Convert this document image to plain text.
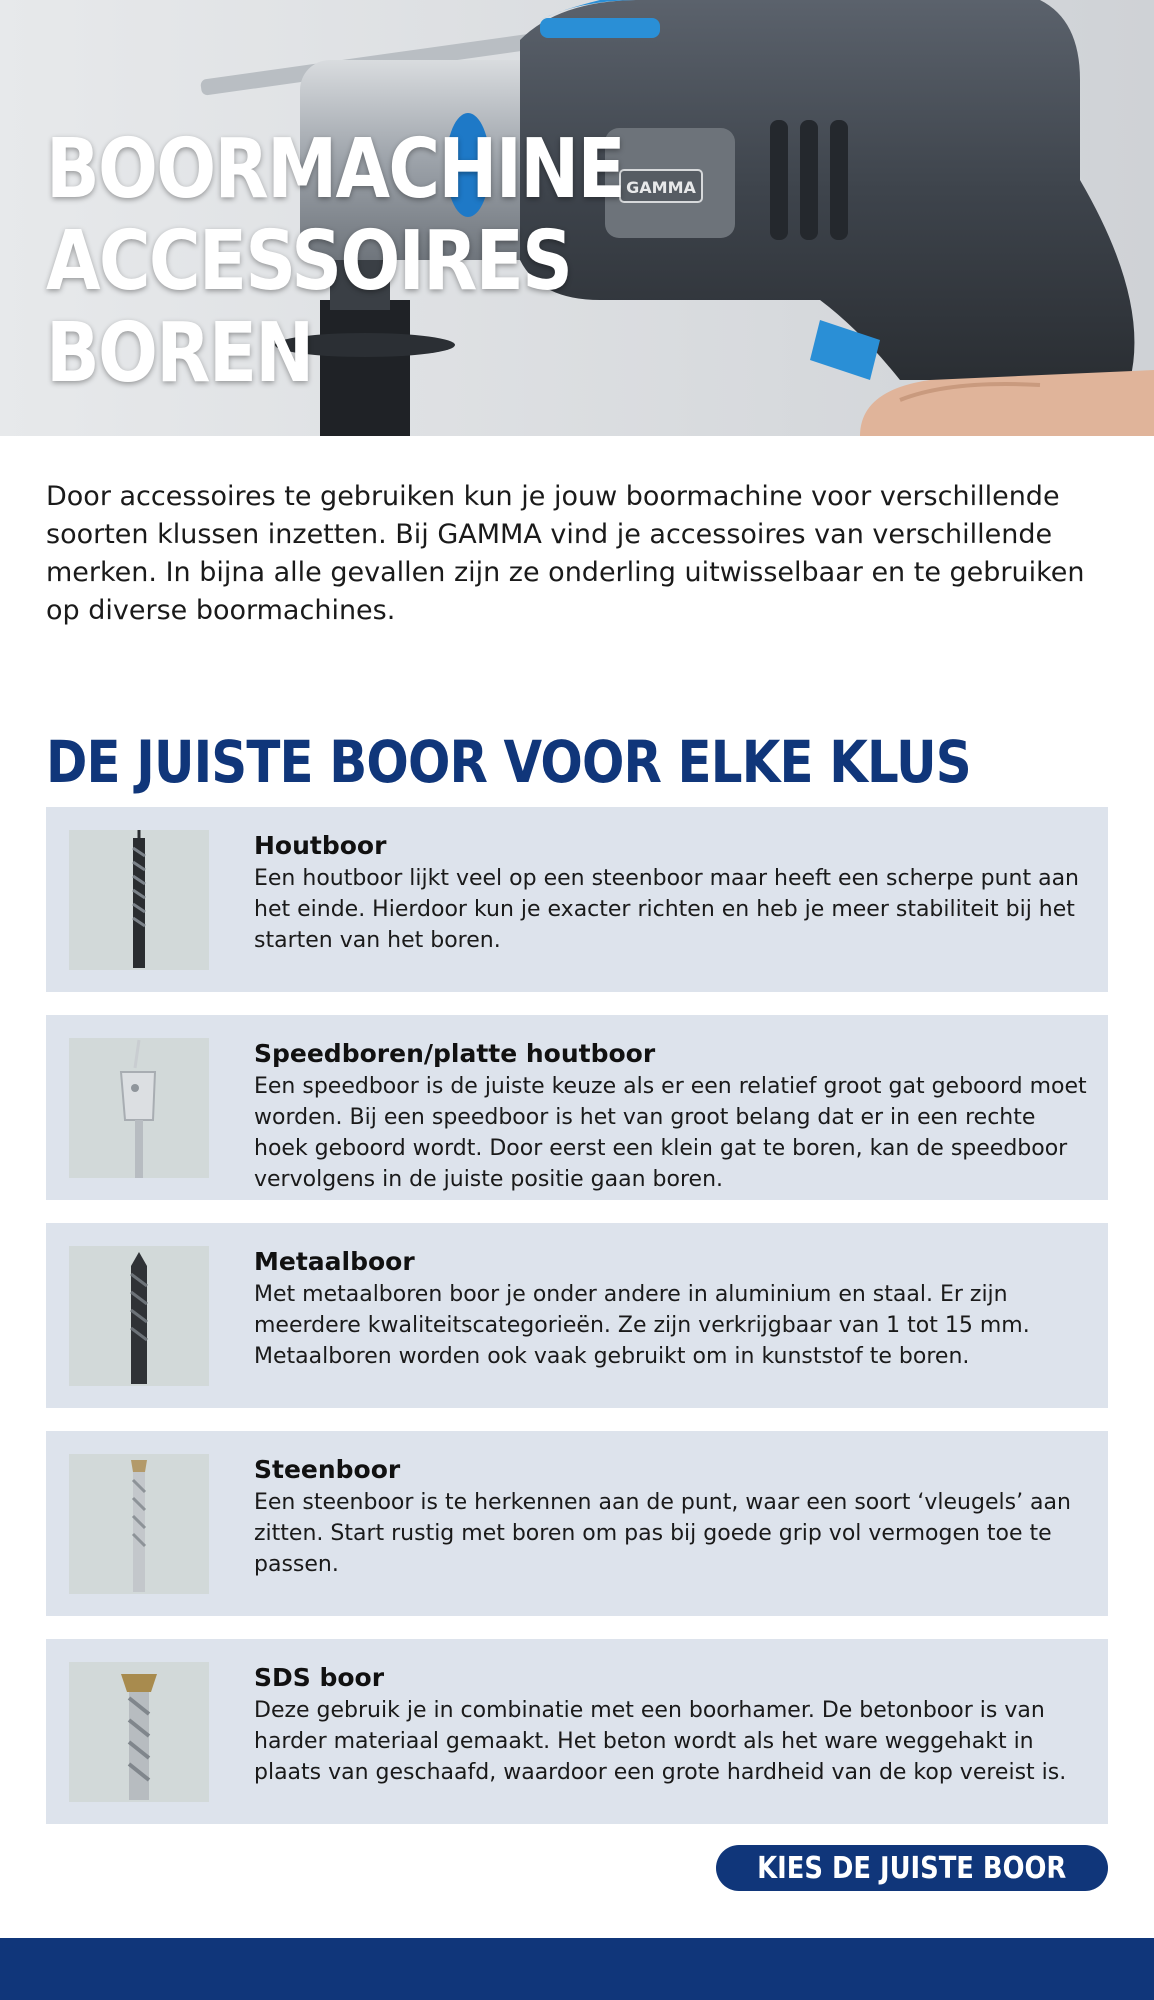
GAMMA
BOORMACHINE
ACCESSOIRES
BOREN

Door accessoires te gebruiken kun je jouw boormachine voor verschillende soorten klussen inzetten. Bij GAMMA vind je accessoires van verschillende merken. In bijna alle gevallen zijn ze onderling uitwisselbaar en te gebruiken op diverse boormachines.

DE JUISTE BOOR VOOR ELKE KLUS
Houtboor
Een houtboor lijkt veel op een steenboor maar heeft een scherpe punt aan het einde. Hierdoor kun je exacter richten en heb je meer stabiliteit bij het starten van het boren.
Speedboren/platte houtboor
Een speedboor is de juiste keuze als er een relatief groot gat geboord moet worden. Bij een speedboor is het van groot belang dat er in een rechte hoek geboord wordt. Door eerst een klein gat te boren, kan de speedboor vervolgens in de juiste positie gaan boren.
Metaalboor
Met metaalboren boor je onder andere in aluminium en staal. Er zijn meerdere kwaliteitscategorieën. Ze zijn verkrijgbaar van 1 tot 15 mm. Metaalboren worden ook vaak gebruikt om in kunststof te boren.
Steenboor
Een steenboor is te herkennen aan de punt, waar een soort ‘vleugels’ aan zitten. Start rustig met boren om pas bij goede grip vol vermogen toe te passen.
SDS boor
Deze gebruik je in combinatie met een boorhamer. De betonboor is van harder materiaal gemaakt. Het beton wordt als het ware weggehakt in plaats van geschaafd, waardoor een grote hardheid van de kop vereist is.
KIES DE JUISTE BOOR
